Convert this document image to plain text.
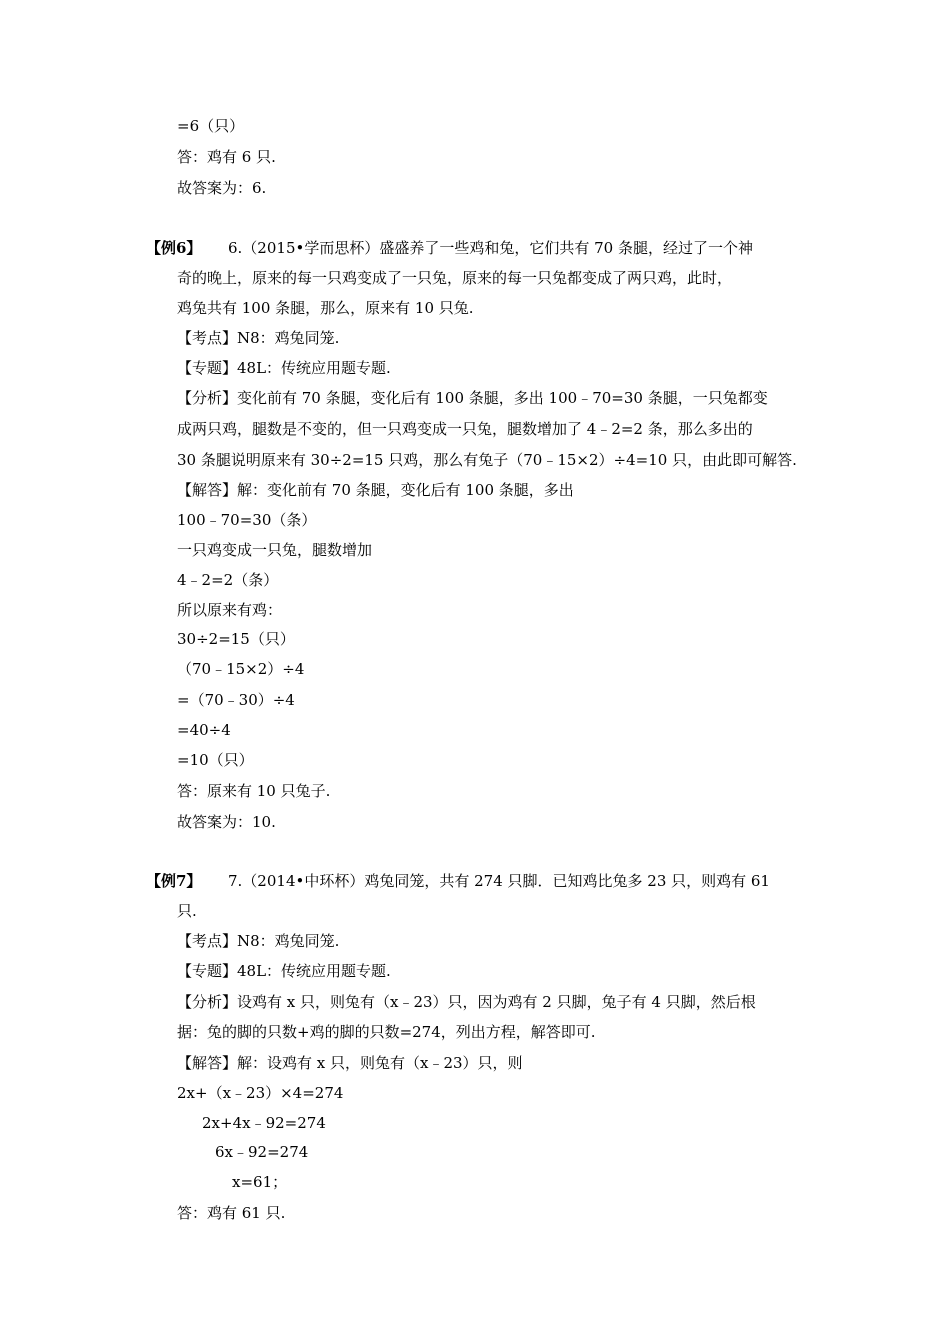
=6（只）
答：鸡有 6 只.
故答案为：6.
【例6】 6.（2015•学而思杯）盛盛养了一些鸡和兔，它们共有 70 条腿，经过了一个神
奇的晚上，原来的每一只鸡变成了一只兔，原来的每一只兔都变成了两只鸡，此时，
鸡兔共有 100 条腿，那么，原来有 10 只兔.
【考点】N8：鸡兔同笼.
【专题】48L：传统应用题专题.
【分析】变化前有 70 条腿，变化后有 100 条腿，多出 100﹣70=30 条腿，一只兔都变
成两只鸡，腿数是不变的，但一只鸡变成一只兔，腿数增加了 4﹣2=2 条，那么多出的
30 条腿说明原来有 30÷2=15 只鸡，那么有兔子（70﹣15×2）÷4=10 只，由此即可解答.
【解答】解：变化前有 70 条腿，变化后有 100 条腿，多出
100﹣70=30（条）
一只鸡变成一只兔，腿数增加
4﹣2=2（条）
所以原来有鸡：
30÷2=15（只）
（70﹣15×2）÷4
=（70﹣30）÷4
=40÷4
=10（只）
答：原来有 10 只兔子.
故答案为：10.
【例7】 7.（2014•中环杯）鸡兔同笼，共有 274 只脚．已知鸡比兔多 23 只，则鸡有 61
只.
【考点】N8：鸡兔同笼.
【专题】48L：传统应用题专题.
【分析】设鸡有 x 只，则兔有（x﹣23）只，因为鸡有 2 只脚，兔子有 4 只脚，然后根
据：兔的脚的只数+鸡的脚的只数=274，列出方程，解答即可.
【解答】解：设鸡有 x 只，则兔有（x﹣23）只，则
2x+（x﹣23）×4=274
2x+4x﹣92=274
6x﹣92=274
x=61；
答：鸡有 61 只.
